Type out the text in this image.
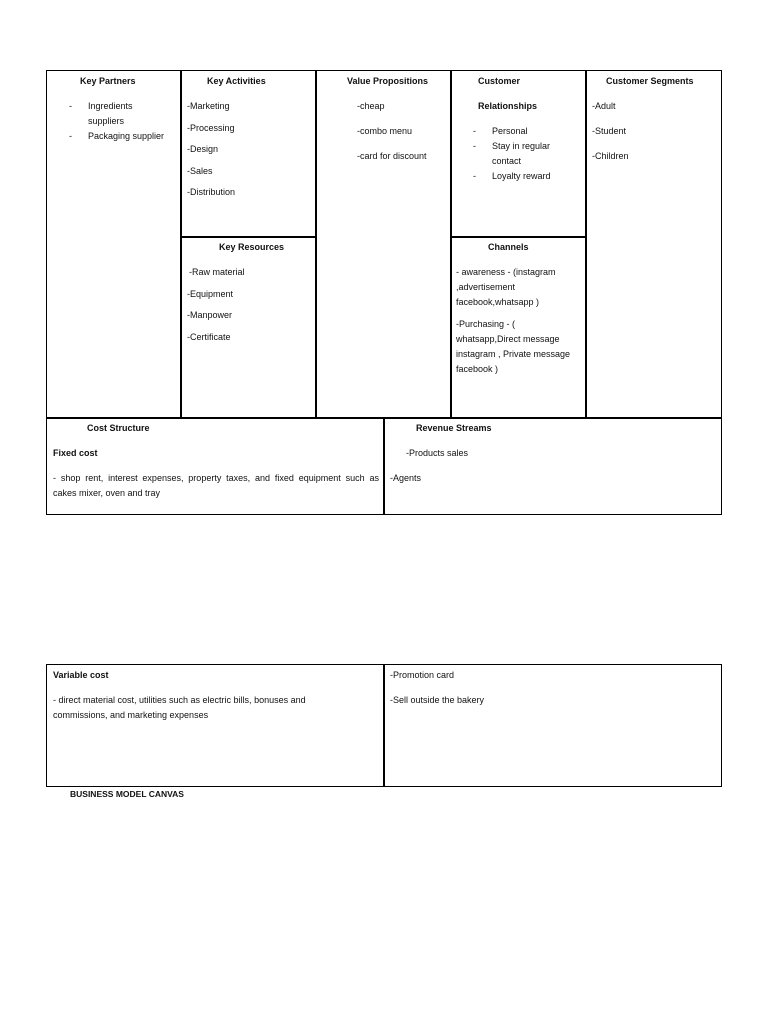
Key Partners
- Ingredients suppliers
- Packaging supplier
Key Activities

-Marketing

-Processing

-Design

-Sales

-Distribution

Key Resources

-Raw material

-Equipment

-Manpower

-Certificate

Value Propositions

-cheap

-combo menu

-card for discount

Customer
Relationships
- Personal
- Stay in regular contact
- Loyalty reward
Channels

- awareness - (instagram ,advertisement facebook,whatsapp )

-Purchasing - ( whatsapp,Direct message instagram , Private message facebook )

Customer Segments

-Adult

-Student

-Children

Cost Structure
Fixed cost
- shop rent, interest expenses, property taxes, and fixed equipment such as cakes mixer, oven and tray
Revenue Streams

-Products sales

-Agents

Variable cost
- direct material cost, utilities such as electric bills, bonuses and commissions, and marketing expenses

-Promotion card

-Sell outside the bakery

BUSINESS MODEL CANVAS
